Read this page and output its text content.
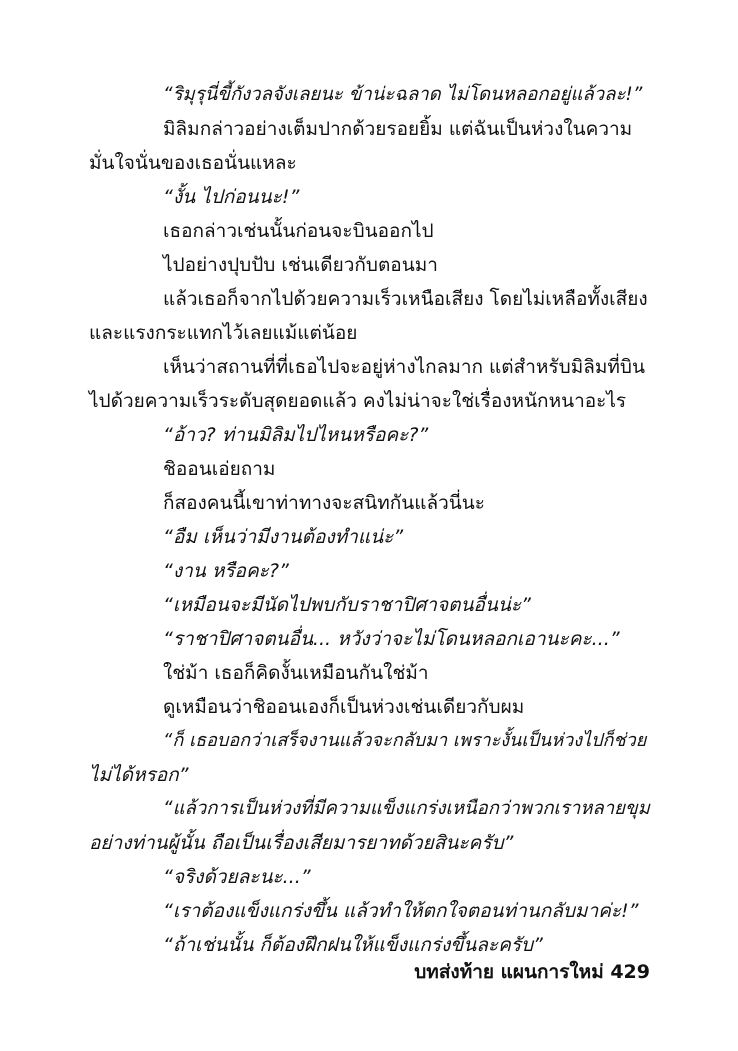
“ริมุรุนี่ขี้กังวลจังเลยนะ ข้าน่ะฉลาด ไม่โดนหลอกอยู่แล้วละ!”
มิลิมกล่าวอย่างเต็มปากด้วยรอยยิ้ม แต่ฉันเป็นห่วงในความ
มั่นใจนั่นของเธอนั่นแหละ
“งั้น ไปก่อนนะ!”
เธอกล่าวเช่นนั้นก่อนจะบินออกไป
ไปอย่างปุบปับ เช่นเดียวกับตอนมา
แล้วเธอก็จากไปด้วยความเร็วเหนือเสียง โดยไม่เหลือทั้งเสียง
และแรงกระแทกไว้เลยแม้แต่น้อย
เห็นว่าสถานที่ที่เธอไปจะอยู่ห่างไกลมาก แต่สำหรับมิลิมที่บิน
ไปด้วยความเร็วระดับสุดยอดแล้ว คงไม่น่าจะใช่เรื่องหนักหนาอะไร
“อ้าว? ท่านมิลิมไปไหนหรือคะ?”
ชิออนเอ่ยถาม
ก็สองคนนี้เขาท่าทางจะสนิทกันแล้วนี่นะ
“อืม เห็นว่ามีงานต้องทำแน่ะ”
“งาน หรือคะ?”
“เหมือนจะมีนัดไปพบกับราชาปิศาจตนอื่นน่ะ”
“ราชาปิศาจตนอื่น... หวังว่าจะไม่โดนหลอกเอานะคะ...”
ใช่ม้า เธอก็คิดงั้นเหมือนกันใช่ม้า
ดูเหมือนว่าชิออนเองก็เป็นห่วงเช่นเดียวกับผม
“ก็ เธอบอกว่าเสร็จงานแล้วจะกลับมา เพราะงั้นเป็นห่วงไปก็ช่วย
ไม่ได้หรอก”
“แล้วการเป็นห่วงที่มีความแข็งแกร่งเหนือกว่าพวกเราหลายขุม
อย่างท่านผู้นั้น ถือเป็นเรื่องเสียมารยาทด้วยสินะครับ”
“จริงด้วยละนะ...”
“เราต้องแข็งแกร่งขึ้น แล้วทำให้ตกใจตอนท่านกลับมาค่ะ!”
“ถ้าเช่นนั้น ก็ต้องฝึกฝนให้แข็งแกร่งขึ้นละครับ”
บทส่งท้าย แผนการใหม่ 429
